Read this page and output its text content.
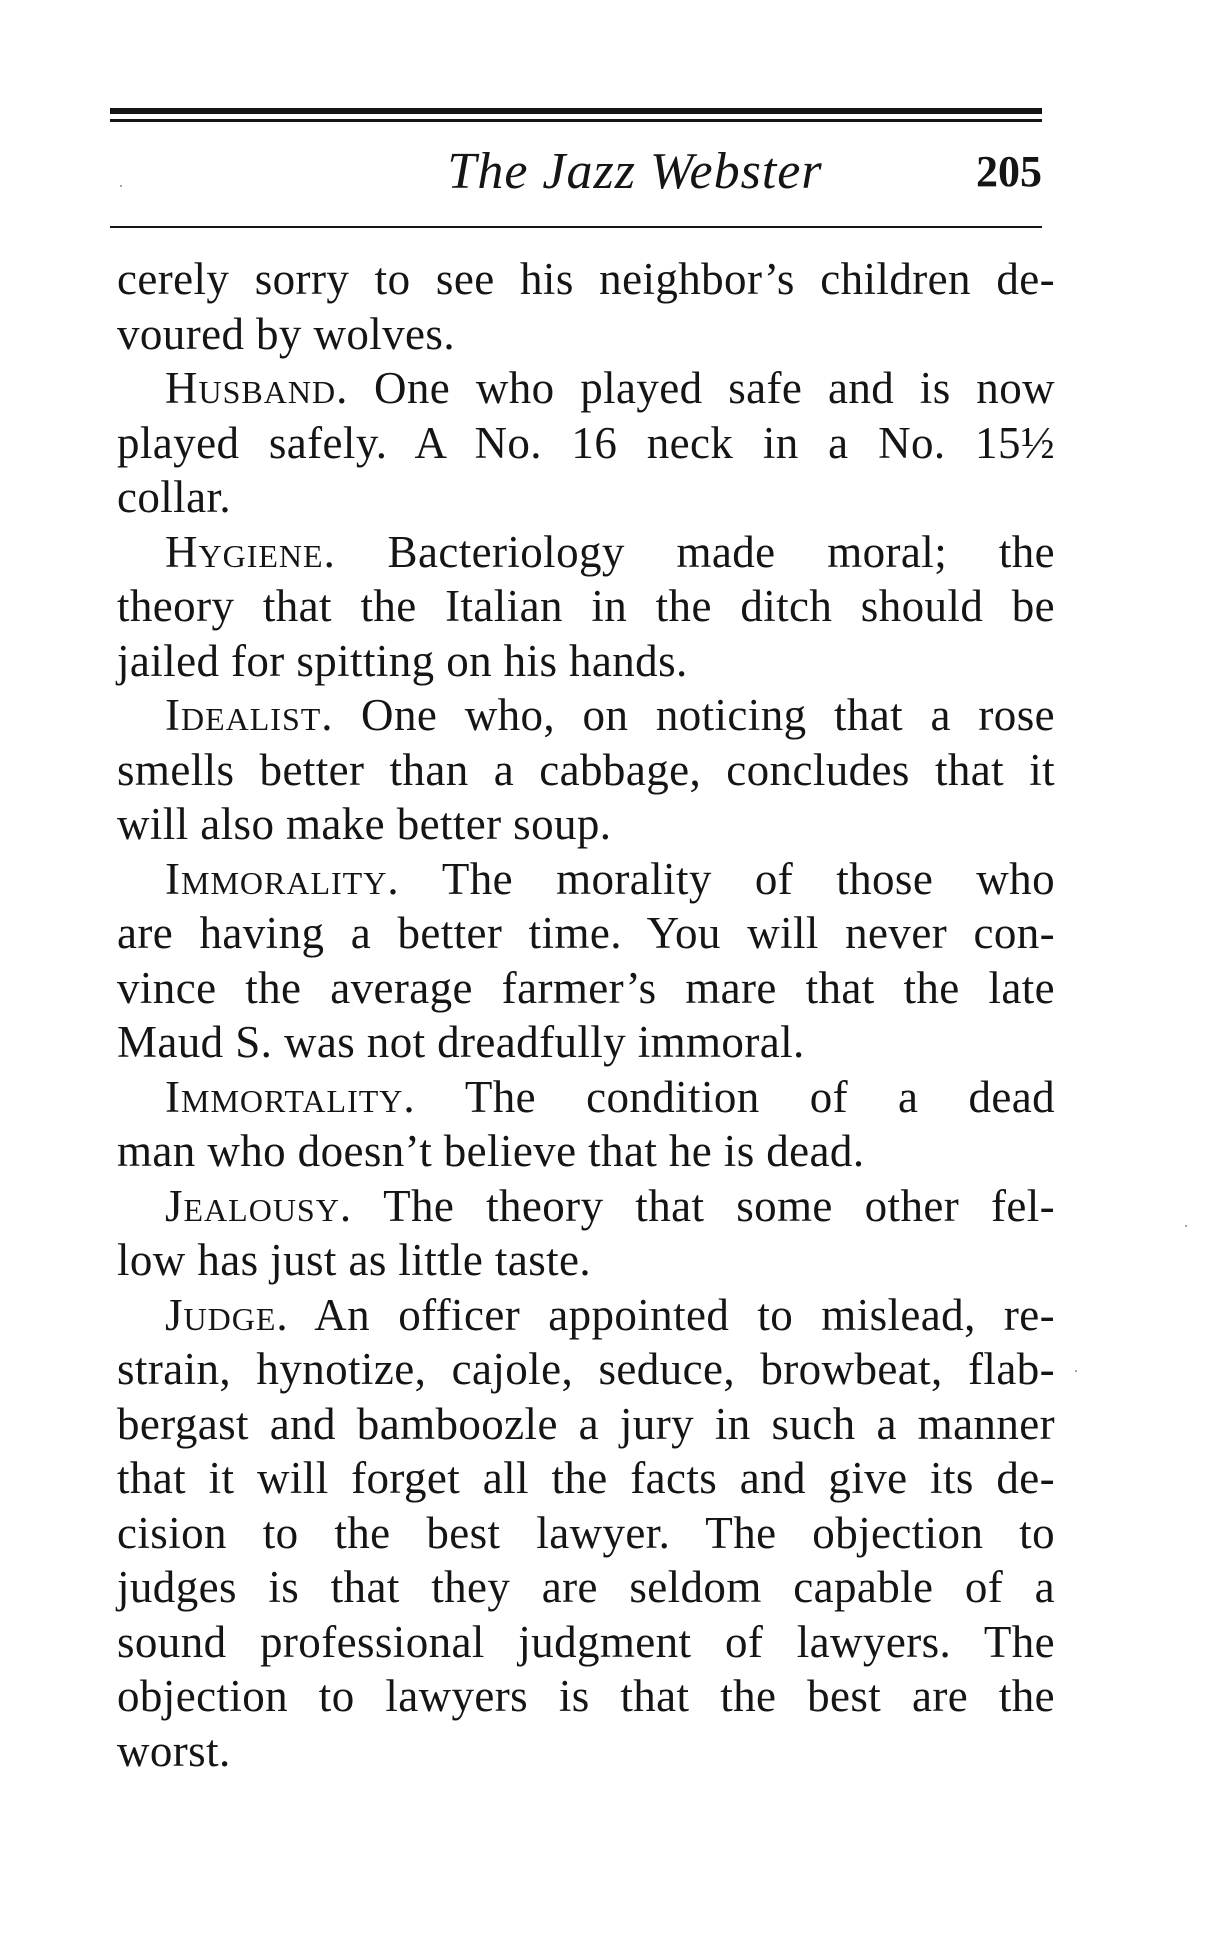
The Jazz Webster	205
cerely sorry to see his neighbor’s children de-
voured by wolves.
Husband. One who played safe and is now
played safely. A No. 16 neck in a No. 15½
collar.
Hygiene. Bacteriology made moral; the
theory that the Italian in the ditch should be
jailed for spitting on his hands.
Idealist. One who, on noticing that a rose
smells better than a cabbage, concludes that it
will also make better soup.
Immorality. The morality of those who
are having a better time. You will never con-
vince the average farmer’s mare that the late
Maud S. was not dreadfully immoral.
Immortality. The condition of a dead
man who doesn’t believe that he is dead.
Jealousy. The theory that some other fel-
low has just as little taste.
Judge. An officer appointed to mislead, re-
strain, hynotize, cajole, seduce, browbeat, flab-
bergast and bamboozle a jury in such a manner
that it will forget all the facts and give its de-
cision to the best lawyer. The objection to
judges is that they are seldom capable of a
sound professional judgment of lawyers. The
objection to lawyers is that the best are the
worst.
